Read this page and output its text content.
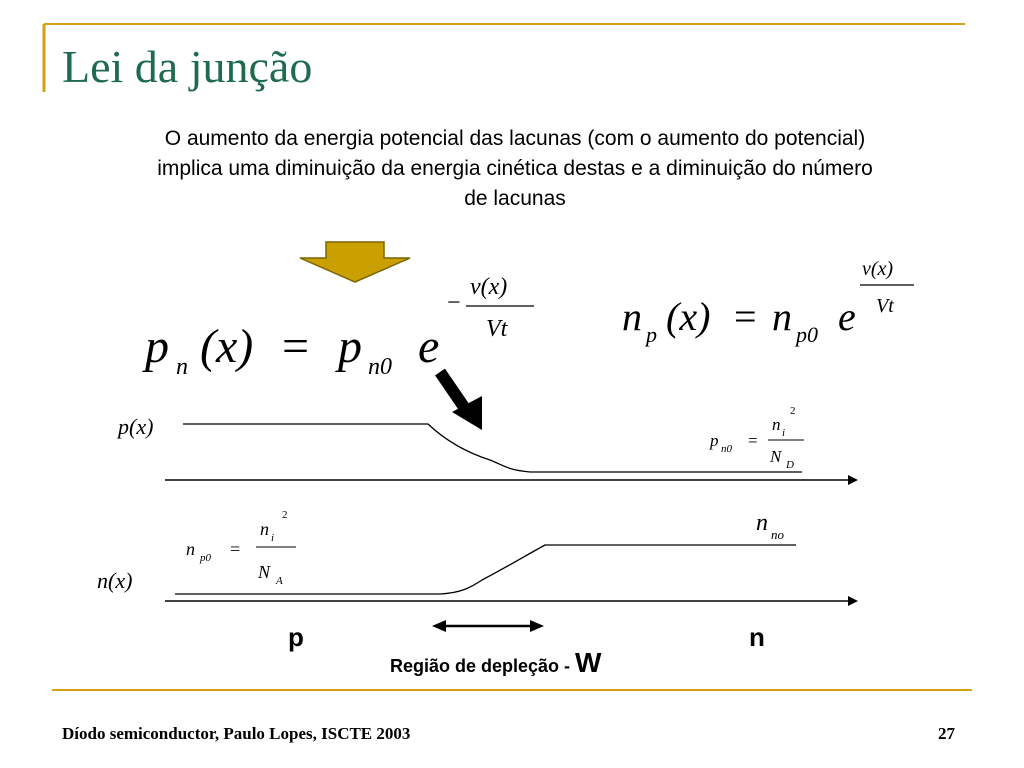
p n (x) = p n0 e
−
v(x)
Vt	n p (x) = n p0 e
v(x)
Vt
p(x)
p n0 =
n i
2
N D
n(x)
n p0 =
n i
2
N A
n no
p	n
Região de depleção - W
Lei da junção
O aumento da energia potencial das lacunas (com o aumento do potencial)
implica uma diminuição da energia cinética destas e a diminuição do número
de lacunas
Díodo semiconductor, Paulo Lopes, ISCTE 2003	27
